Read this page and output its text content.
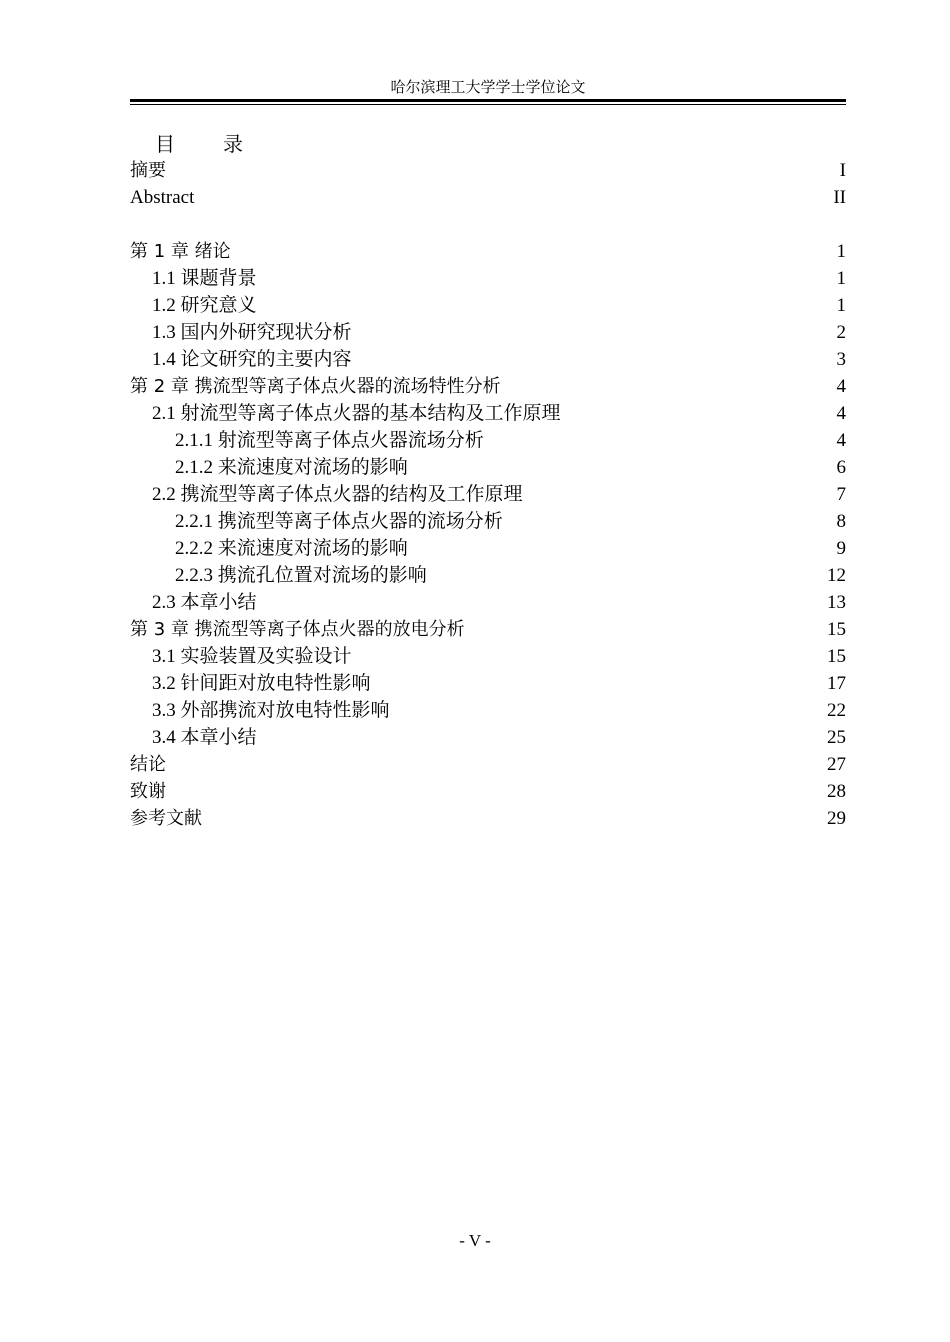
哈尔滨理工大学学士学位论文
目　录
摘要	I
Abstract	II
第 1 章 绪论	1
1.1 课题背景	1
1.2 研究意义	1
1.3 国内外研究现状分析	2
1.4 论文研究的主要内容	3
第 2 章 携流型等离子体点火器的流场特性分析	4
2.1 射流型等离子体点火器的基本结构及工作原理	4
2.1.1 射流型等离子体点火器流场分析	4
2.1.2 来流速度对流场的影响	6
2.2 携流型等离子体点火器的结构及工作原理	7
2.2.1 携流型等离子体点火器的流场分析	8
2.2.2 来流速度对流场的影响	9
2.2.3 携流孔位置对流场的影响	12
2.3 本章小结	13
第 3 章 携流型等离子体点火器的放电分析	15
3.1 实验装置及实验设计	15
3.2 针间距对放电特性影响	17
3.3 外部携流对放电特性影响	22
3.4 本章小结	25
结论	27
致谢	28
参考文献	29
- V -
